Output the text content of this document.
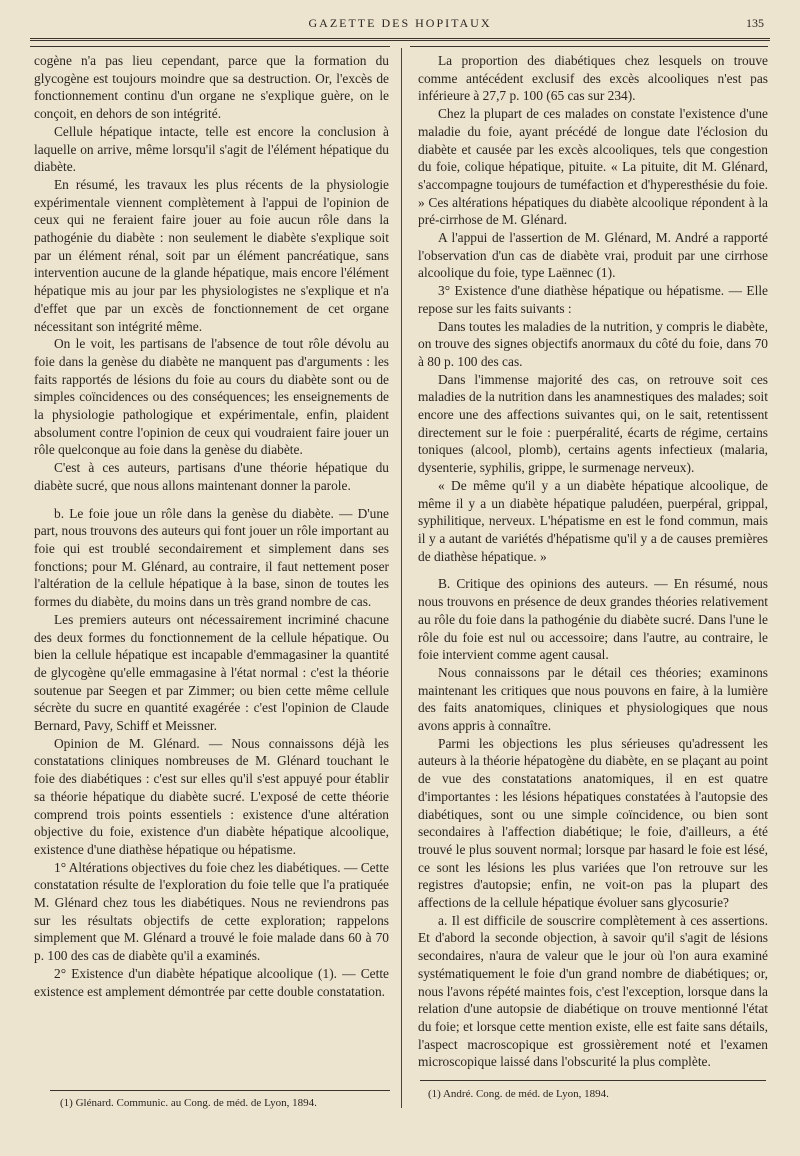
GAZETTE DES HOPITAUX	135

cogène n'a pas lieu cependant, parce que la formation du glycogène est toujours moindre que sa destruction. Or, l'excès de fonctionnement continu d'un organe ne s'explique guère, on le conçoit, en dehors de son intégrité.

Cellule hépatique intacte, telle est encore la conclusion à laquelle on arrive, même lorsqu'il s'agit de l'élément hépatique du diabète.

En résumé, les travaux les plus récents de la physiologie expérimentale viennent complètement à l'appui de l'opinion de ceux qui ne feraient faire jouer au foie aucun rôle dans la pathogénie du diabète : non seulement le diabète s'explique soit par un élément rénal, soit par un élément pancréatique, sans intervention aucune de la glande hépatique, mais encore l'élément hépatique mis au jour par les physiologistes ne s'explique et n'a d'effet que par un excès de fonctionnement de cet organe nécessitant son intégrité même.

On le voit, les partisans de l'absence de tout rôle dévolu au foie dans la genèse du diabète ne manquent pas d'arguments : les faits rapportés de lésions du foie au cours du diabète sont ou de simples coïncidences ou des conséquences; les enseignements de la physiologie pathologique et expérimentale, enfin, plaident absolument contre l'opinion de ceux qui voudraient faire jouer un rôle quelconque au foie dans la genèse du diabète.

C'est à ces auteurs, partisans d'une théorie hépatique du diabète sucré, que nous allons maintenant donner la parole.

b. Le foie joue un rôle dans la genèse du diabète. — D'une part, nous trouvons des auteurs qui font jouer un rôle important au foie qui est troublé secondairement et simplement dans ses fonctions; pour M. Glénard, au contraire, il faut nettement poser l'altération de la cellule hépatique à la base, sinon de toutes les formes du diabète, du moins dans un très grand nombre de cas.

Les premiers auteurs ont nécessairement incriminé chacune des deux formes du fonctionnement de la cellule hépatique. Ou bien la cellule hépatique est incapable d'emmagasiner la quantité de glycogène qu'elle emmagasine à l'état normal : c'est la théorie soutenue par Seegen et par Zimmer; ou bien cette même cellule sécrète du sucre en quantité exagérée : c'est l'opinion de Claude Bernard, Pavy, Schiff et Meissner.

Opinion de M. Glénard. — Nous connaissons déjà les constatations cliniques nombreuses de M. Glénard touchant le foie des diabétiques : c'est sur elles qu'il s'est appuyé pour établir sa théorie hépatique du diabète sucré. L'exposé de cette théorie comprend trois points essentiels : existence d'une altération objective du foie, existence d'un diabète hépatique alcoolique, existence d'une diathèse hépatique ou hépatisme.

1° Altérations objectives du foie chez les diabétiques. — Cette constatation résulte de l'exploration du foie telle que l'a pratiquée M. Glénard chez tous les diabétiques. Nous ne reviendrons pas sur les résultats objectifs de cette exploration; rappelons simplement que M. Glénard a trouvé le foie malade dans 60 à 70 p. 100 des cas de diabète qu'il a examinés.

2° Existence d'un diabète hépatique alcoolique (1). — Cette existence est amplement démontrée par cette double constatation.

La proportion des diabétiques chez lesquels on trouve comme antécédent exclusif des excès alcooliques n'est pas inférieure à 27,7 p. 100 (65 cas sur 234).

Chez la plupart de ces malades on constate l'existence d'une maladie du foie, ayant précédé de longue date l'éclosion du diabète et causée par les excès alcooliques, tels que congestion du foie, colique hépatique, pituite. « La pituite, dit M. Glénard, s'accompagne toujours de tuméfaction et d'hyperesthésie du foie. » Ces altérations hépatiques du diabète alcoolique répondent à la pré-cirrhose de M. Glénard.

A l'appui de l'assertion de M. Glénard, M. André a rapporté l'observation d'un cas de diabète vrai, produit par une cirrhose alcoolique du foie, type Laënnec (1).

3° Existence d'une diathèse hépatique ou hépatisme. — Elle repose sur les faits suivants :

Dans toutes les maladies de la nutrition, y compris le diabète, on trouve des signes objectifs anormaux du côté du foie, dans 70 à 80 p. 100 des cas.

Dans l'immense majorité des cas, on retrouve soit ces maladies de la nutrition dans les anamnestiques des malades; soit encore une des affections suivantes qui, on le sait, retentissent directement sur le foie : puerpéralité, écarts de régime, certains toniques (alcool, plomb), certains agents infectieux (malaria, dysenterie, syphilis, grippe, le surmenage nerveux).

« De même qu'il y a un diabète hépatique alcoolique, de même il y a un diabète hépatique paludéen, puerpéral, grippal, syphilitique, nerveux. L'hépatisme en est le fond commun, mais il y a autant de variétés d'hépatisme qu'il y a de causes premières de diathèse hépatique. »

B. Critique des opinions des auteurs. — En résumé, nous nous trouvons en présence de deux grandes théories relativement au rôle du foie dans la pathogénie du diabète sucré. Dans l'une le rôle du foie est nul ou accessoire; dans l'autre, au contraire, le foie intervient comme agent causal.

Nous connaissons par le détail ces théories; examinons maintenant les critiques que nous pouvons en faire, à la lumière des faits anatomiques, cliniques et physiologiques que nous avons appris à connaître.

Parmi les objections les plus sérieuses qu'adressent les auteurs à la théorie hépatogène du diabète, en se plaçant au point de vue des constatations anatomiques, il en est quatre d'importantes : les lésions hépatiques constatées à l'autopsie des diabétiques, sont ou une simple coïncidence, ou bien sont secondaires à l'affection diabétique; le foie, d'ailleurs, a été trouvé le plus souvent normal; lorsque par hasard le foie est lésé, ce sont les lésions les plus variées que l'on retrouve sur les registres d'autopsie; enfin, ne voit-on pas la plupart des affections de la cellule hépatique évoluer sans glycosurie?

a. Il est difficile de souscrire complètement à ces assertions. Et d'abord la seconde objection, à savoir qu'il s'agit de lésions secondaires, n'aura de valeur que le jour où l'on aura examiné systématiquement le foie d'un grand nombre de diabétiques; or, nous l'avons répété maintes fois, c'est l'exception, lorsque dans la relation d'une autopsie de diabétique on trouve mentionné l'état du foie; et lorsque cette mention existe, elle est faite sans détails, l'aspect macroscopique est grossièrement noté et l'examen microscopique laissé dans l'obscurité la plus complète.

(1) Glénard. Communic. au Cong. de méd. de Lyon, 1894.
(1) André. Cong. de méd. de Lyon, 1894.
